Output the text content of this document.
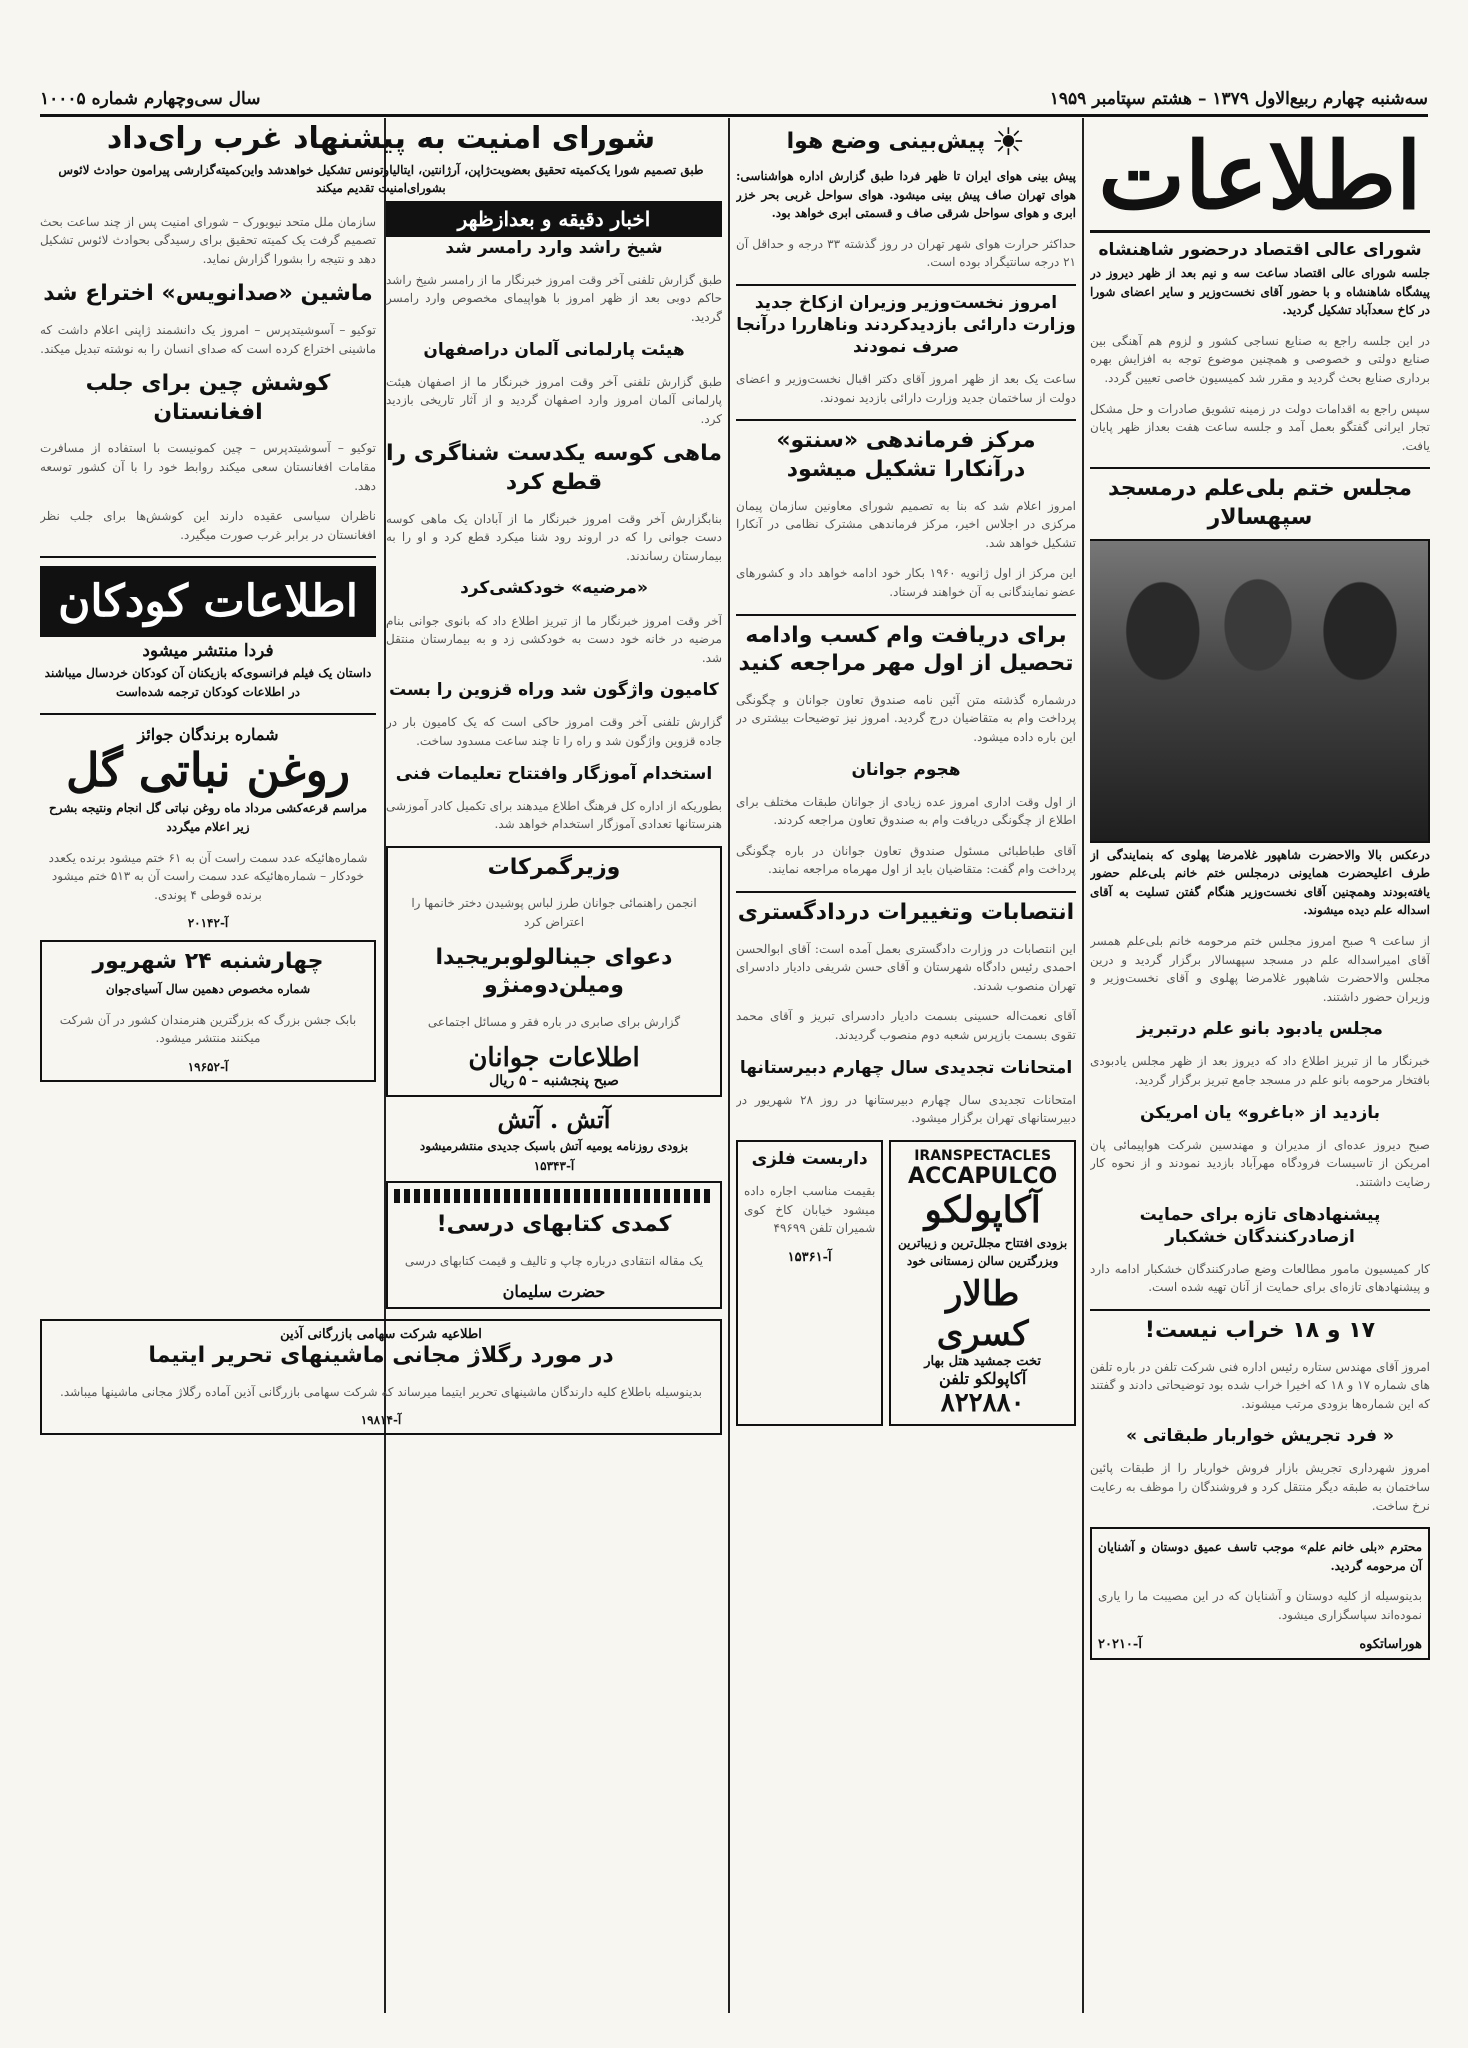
سه‌شنبه چهارم ربیع‌الاول ۱۳۷۹ – هشتم سپتامبر ۱۹۵۹
سال سی‌و‌چهارم شماره ۱۰۰۰۵
اطلاعات
شورای عالی اقتصاد درحضور شاهنشاه

جلسه شورای عالی اقتصاد ساعت سه و نیم بعد از ظهر دیروز در پیشگاه شاهنشاه و با حضور آقای نخست‌وزیر و سایر اعضای شورا در کاخ سعدآباد تشکیل گردید.

در این جلسه راجع به صنایع نساجی کشور و لزوم هم آهنگی بین صنایع دولتی و خصوصی و همچنین موضوع توجه به افزایش بهره برداری صنایع بحث گردید و مقرر شد کمیسیون خاصی تعیین گردد.

سپس راجع به اقدامات دولت در زمینه تشویق صادرات و حل مشکل تجار ایرانی گفتگو بعمل آمد و جلسه ساعت هفت بعداز ظهر پایان یافت.

مجلس ختم بلی‌علم درمسجد سپهسالار

درعکس بالا والاحضرت شاهپور غلامرضا پهلوی که بنمایندگی از طرف اعلیحضرت همایونی درمجلس ختم خانم بلی‌علم حضور یافته‌بودند وهمچنین آقای نخست‌وزیر هنگام گفتن تسلیت به آقای اسداله علم دیده میشوند.

از ساعت ۹ صبح امروز مجلس ختم مرحومه خانم بلی‌علم همسر آقای امیراسداله علم در مسجد سپهسالار برگزار گردید و درین مجلس والاحضرت شاهپور غلامرضا پهلوی و آقای نخست‌وزیر و وزیران حضور داشتند.

مجلس یادبود بانو علم درتبریز

خبرنگار ما از تبریز اطلاع داد که دیروز بعد از ظهر مجلس یادبودی بافتخار مرحومه بانو علم در مسجد جامع تبریز برگزار گردید.

بازدید از «باغرو» یان امریکن

صبح دیروز عده‌ای از مدیران و مهندسین شرکت هواپیمائی پان امریکن از تاسیسات فرودگاه مهرآباد بازدید نمودند و از نحوه کار رضایت داشتند.

پیشنهادهای تازه برای حمایت ازصادرکنندگان خشکبار

کار کمیسیون مامور مطالعات وضع صادرکنندگان خشکبار ادامه دارد و پیشنهادهای تازه‌ای برای حمایت از آنان تهیه شده است.

۱۷ و ۱۸ خراب نیست!

امروز آقای مهندس ستاره رئیس اداره فنی شرکت تلفن در باره تلفن های شماره ۱۷ و ۱۸ که اخیرا خراب شده بود توضیحاتی دادند و گفتند که این شماره‌ها بزودی مرتب میشوند.

« فرد تجریش خواربار طبقاتی »

امروز شهرداری تجریش بازار فروش خواربار را از طبقات پائین ساختمان به طبقه دیگر منتقل کرد و فروشندگان را موظف به رعایت نرخ ساخت.

محترم «بلی خانم علم» موجب تاسف عمیق دوستان و آشنایان آن مرحومه گردید.

بدینوسیله از کلیه دوستان و آشنایان که در این مصیبت ما را یاری نموده‌اند سپاسگزاری میشود.

هوراساتکوه
آ-۲۰۲۱۰
☀
پیش‌بینی وضع هوا

پیش بینی هوای ایران تا ظهر فردا طبق گزارش اداره هواشناسی: هوای تهران صاف پیش بینی میشود. هوای سواحل غربی بحر خزر ابری و هوای سواحل شرقی صاف و قسمتی ابری خواهد بود.

حداکثر حرارت هوای شهر تهران در روز گذشته ۳۳ درجه و حداقل آن ۲۱ درجه سانتیگراد بوده است.

امروز نخست‌وزیر وزیران ازکاخ جدید وزارت دارائی بازدیدکردند وناهاررا درآنجا صرف نمودند

ساعت یک بعد از ظهر امروز آقای دکتر اقبال نخست‌وزیر و اعضای دولت از ساختمان جدید وزارت دارائی بازدید نمودند.

مرکز فرماندهی «سنتو» درآنکارا تشکیل میشود

امروز اعلام شد که بنا به تصمیم شورای معاونین سازمان پیمان مرکزی در اجلاس اخیر، مرکز فرماندهی مشترک نظامی در آنکارا تشکیل خواهد شد.

این مرکز از اول ژانویه ۱۹۶۰ بکار خود ادامه خواهد داد و کشورهای عضو نمایندگانی به آن خواهند فرستاد.

برای دریافت وام کسب وادامه تحصیل از اول مهر مراجعه کنید

درشماره گذشته متن آئین نامه صندوق تعاون جوانان و چگونگی پرداخت وام به متقاضیان درج گردید. امروز نیز توضیحات بیشتری در این باره داده میشود.

هجوم جوانان

از اول وقت اداری امروز عده زیادی از جوانان طبقات مختلف برای اطلاع از چگونگی دریافت وام به صندوق تعاون مراجعه کردند.

آقای طباطبائی مسئول صندوق تعاون جوانان در باره چگونگی پرداخت وام گفت: متقاضیان باید از اول مهرماه مراجعه نمایند.

انتصابات وتغییرات دردادگستری

این انتصابات در وزارت دادگستری بعمل آمده است: آقای ابوالحسن احمدی رئیس دادگاه شهرستان و آقای حسن شریفی دادیار دادسرای تهران منصوب شدند.

آقای نعمت‌اله حسینی بسمت دادیار دادسرای تبریز و آقای محمد تقوی بسمت بازپرس شعبه دوم منصوب گردیدند.

امتحانات تجدیدی سال چهارم دبیرستانها

امتحانات تجدیدی سال چهارم دبیرستانها در روز ۲۸ شهریور در دبیرستانهای تهران برگزار میشود.

داربست فلزی

بقیمت مناسب اجاره داده میشود خیابان کاخ کوی شمیران تلفن ۴۹۶۹۹

آ-۱۵۳۶۱
IRANSPECTACLES
ACCAPULCO
آکاپولکو

بزودی افتتاح مجلل‌ترین و زیباترین وبزرگترین سالن زمستانی خود

طالار کسری
تخت جمشید هتل بهار
آکاپولکو تلفن
۸۲۲۸۸۰
شورای امنیت به پیشنهاد غرب رای‌داد

طبق تصمیم شورا یک‌کمیته تحقیق بعضویت‌ژاپن، آرژانتین، ایتالیاوتونس تشکیل خواهدشد واین‌کمیته‌گزارشی پیرامون حوادث لائوس بشورای‌امنیت تقدیم میکند

اخبار دقیقه و بعدازظهر
شیخ راشد وارد رامسر شد

طبق گزارش تلفنی آخر وقت امروز خبرنگار ما از رامسر شیخ راشد حاکم دوبی بعد از ظهر امروز با هواپیمای مخصوص وارد رامسر گردید.

هیئت پارلمانی آلمان دراصفهان

طبق گزارش تلفنی آخر وقت امروز خبرنگار ما از اصفهان هیئت پارلمانی آلمان امروز وارد اصفهان گردید و از آثار تاریخی بازدید کرد.

ماهی کوسه یکدست شناگری را قطع کرد

بنابگزارش آخر وقت امروز خبرنگار ما از آبادان یک ماهی کوسه دست جوانی را که در اروند رود شنا میکرد قطع کرد و او را به بیمارستان رساندند.

«مرضیه» خودکشی‌کرد

آخر وقت امروز خبرنگار ما از تبریز اطلاع داد که بانوی جوانی بنام مرضیه در خانه خود دست به خودکشی زد و به بیمارستان منتقل شد.

کامیون واژگون شد وراه قزوین را بست

گزارش تلفنی آخر وقت امروز حاکی است که یک کامیون بار در جاده قزوین واژگون شد و راه را تا چند ساعت مسدود ساخت.

استخدام آموزگار وافتتاح تعلیمات فنی

بطوریکه از اداره کل فرهنگ اطلاع میدهند برای تکمیل کادر آموزشی هنرستانها تعدادی آموزگار استخدام خواهد شد.

وزیرگمرکات

انجمن راهنمائی جوانان طرز لباس پوشیدن دختر خانمها را اعتراض کرد

دعوای جینالولوبریجیدا ومیلن‌دومنژو

گزارش برای صابری در باره فقر و مسائل اجتماعی

اطلاعات جوانان
صبح پنجشنبه – ۵ ریال
آتش . آتش

بزودی روزنامه یومیه آتش باسبک جدیدی منتشرمیشود

آ-۱۵۳۴۳
کمدی کتابهای درسی!

یک مقاله انتقادی درباره چاپ و تالیف و قیمت کتابهای درسی

حضرت سلیمان

سازمان ملل متحد نیویورک – شورای امنیت پس از چند ساعت بحث تصمیم گرفت یک کمیته تحقیق برای رسیدگی بحوادث لائوس تشکیل دهد و نتیجه را بشورا گزارش نماید.

ماشین «صدانویس» اختراع شد

توکیو – آسوشیتدپرس – امروز یک دانشمند ژاپنی اعلام داشت که ماشینی اختراع کرده است که صدای انسان را به نوشته تبدیل میکند.

کوشش چین برای جلب افغانستان

توکیو – آسوشیتدپرس – چین کمونیست با استفاده از مسافرت مقامات افغانستان سعی میکند روابط خود را با آن کشور توسعه دهد.

ناظران سیاسی عقیده دارند این کوشش‌ها برای جلب نظر افغانستان در برابر غرب صورت میگیرد.

اطلاعات کودکان
فردا منتشر میشود

داستان یک فیلم فرانسوی‌که بازیکنان آن کودکان خردسال میباشند در اطلاعات کودکان ترجمه شده‌است

شماره برندگان جوائز
روغن نباتی گل

مراسم قرعه‌کشی مرداد ماه روغن نباتی گل انجام ونتیجه بشرح زیر اعلام میگردد

شماره‌هائیکه عدد سمت راست آن به ۶۱ ختم میشود برنده یکعدد خودکار – شماره‌هائیکه عدد سمت راست آن به ۵۱۳ ختم میشود برنده قوطی ۴ پوندی.

آ-۲۰۱۴۲
چهارشنبه ۲۴ شهریور

شماره مخصوص دهمین سال آسیای‌جوان

بابک جشن بزرگ که بزرگترین هنرمندان کشور در آن شرکت میکنند منتشر میشود.

آ-۱۹۶۵۲
اطلاعیه شرکت سهامی بازرگانی آذین
در مورد رگلاژ مجانی ماشینهای تحریر ایتیما

بدینوسیله باطلاع کلیه دارندگان ماشینهای تحریر ایتیما میرساند که شرکت سهامی بازرگانی آذین آماده رگلاژ مجانی ماشینها میباشد.

آ-۱۹۸۱۴
